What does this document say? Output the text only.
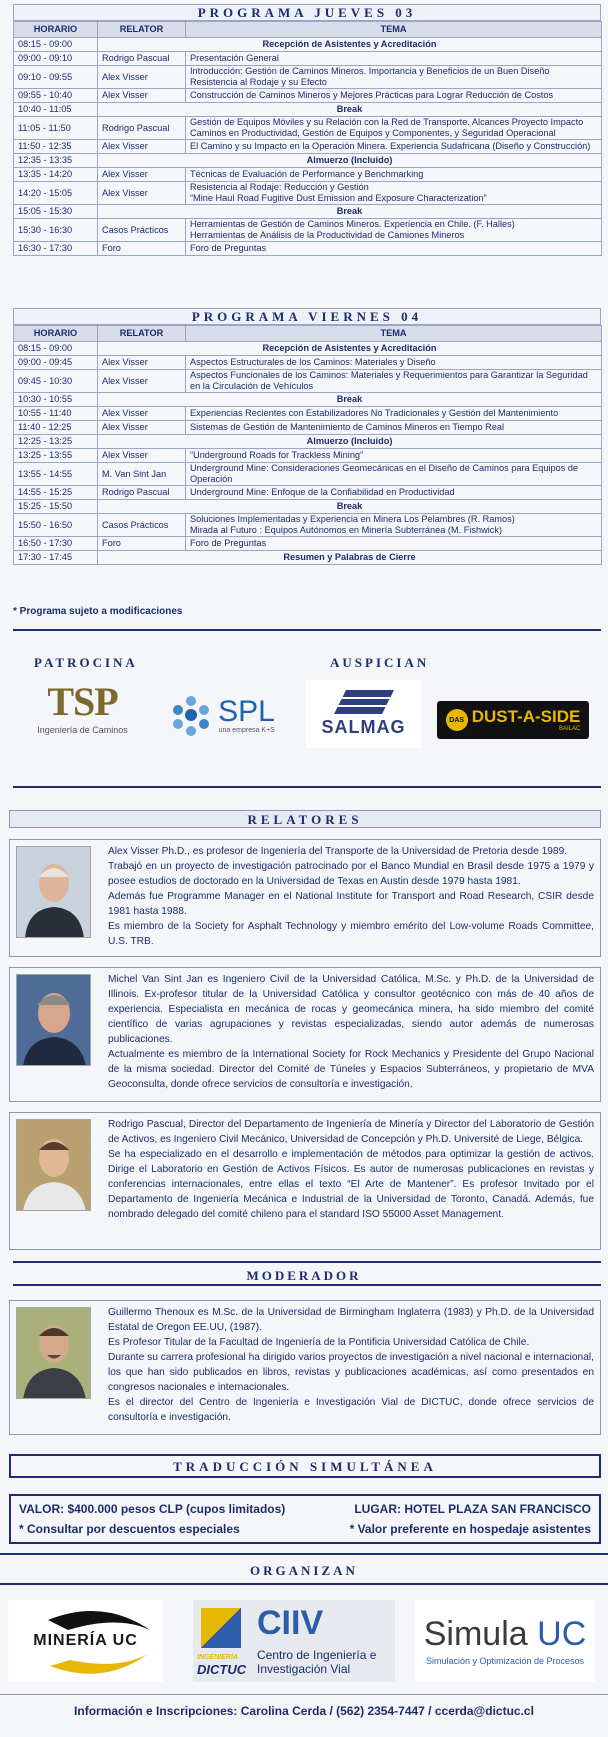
PROGRAMA JUEVES 03
HORARIO	RELATOR	TEMA
08:15 - 09:00	Recepción de Asistentes y Acreditación	
09:00 - 09:10	Rodrigo Pascual	Presentación General
09:10 - 09:55	Alex Visser	Introducción: Gestión de Caminos Mineros. Importancia y Beneficios de un Buen Diseño
Resistencia al Rodaje y su Efecto
09:55 - 10:40	Alex Visser	Construcción de Caminos Mineros y Mejores Prácticas para Lograr Reducción de Costos
10:40 - 11:05	Break	
11:05 - 11:50	Rodrigo Pascual	Gestión de Equipos Móviles y su Relación con la Red de Transporte. Alcances Proyecto Impacto Caminos en Productividad, Gestión de Equipos y Componentes, y Seguridad Operacional
11:50 - 12:35	Alex Visser	El Camino y su Impacto en la Operación Minera. Experiencia Sudafricana (Diseño y Construcción)
12:35 - 13:35	Almuerzo (Incluido)	
13:35 - 14:20	Alex Visser	Técnicas de Evaluación de Performance y Benchmarking
14:20 - 15:05	Alex Visser	Resistencia al Rodaje: Reducción y Gestión
“Mine Haul Road Fugitive Dust Emission and Exposure Characterization”
15:05 - 15:30	Break	
15:30 - 16:30	Casos Prácticos	Herramientas de Gestión de Caminos Mineros. Experiencia en Chile. (F. Halles)
Herramientas de Análisis de la Productividad de Camiones Mineros
16:30 - 17:30	Foro	Foro de Preguntas
PROGRAMA VIERNES 04
HORARIO	RELATOR	TEMA
08:15 - 09:00	Recepción de Asistentes y Acreditación	
09:00 - 09:45	Alex Visser	Aspectos Estructurales de los Caminos: Materiales y Diseño
09:45 - 10:30	Alex Visser	Aspectos Funcionales de los Caminos: Materiales y Requerimientos para Garantizar la Seguridad en la Circulación de Vehículos
10:30 - 10:55	Break	
10:55 - 11:40	Alex Visser	Experiencias Recientes con Estabilizadores No Tradicionales y Gestión del Mantenimiento
11:40 - 12:25	Alex Visser	Sistemas de Gestión de Mantenimiento de Caminos Mineros en Tiempo Real
12:25 - 13:25	Almuerzo (Incluido)	
13:25 - 13:55	Alex Visser	“Underground Roads for Trackless Mining”
13:55 - 14:55	M. Van Sint Jan	Underground Mine: Consideraciones Geomecánicas en el Diseño de Caminos para Equipos de Operación
14:55 - 15:25	Rodrigo Pascual	Underground Mine: Enfoque de la Confiabilidad en Productividad
15:25 - 15:50	Break	
15:50 - 16:50	Casos Prácticos	Soluciones Implementadas y Experiencia en Minera Los Pelambres (R. Ramos)
Mirada al Futuro : Equipos Autónomos en Minería Subterránea (M. Fishwick)
16:50 - 17:30	Foro	Foro de Preguntas
17:30 - 17:45	Resumen y Palabras de Cierre	
* Programa sujeto a modificaciones
PATROCINA	AUSPICIAN
TSP
Ingeniería de Caminos
SPL
una empresa K+S	SALMAG	DAS DUST-A-SIDE
BAILAC
RELATORES

Alex Visser Ph.D., es profesor de Ingeniería del Transporte de la Universidad de Pretoria desde 1989.

Trabajó en un proyecto de investigación patrocinado por el Banco Mundial en Brasil desde 1975 a 1979 y posee estudios de doctorado en la Universidad de Texas en Austin desde 1979 hasta 1981.

Además fue Programme Manager en el National Institute for Transport and Road Research, CSIR desde 1981 hasta 1988.

Es miembro de la Society for Asphalt Technology y miembro emérito del Low-volume Roads Committee, U.S. TRB.

Michel Van Sint Jan es Ingeniero Civil de la Universidad Católica, M.Sc. y Ph.D. de la Universidad de Illinois. Ex-profesor titular de la Universidad Católica y consultor geotécnico con más de 40 años de experiencia. Especialista en mecánica de rocas y geomecánica minera, ha sido miembro del comité científico de varias agrupaciones y revistas especializadas, siendo autor además de numerosas publicaciones.

Actualmente es miembro de la International Society for Rock Mechanics y Presidente del Grupo Nacional de la misma sociedad. Director del Comité de Túneles y Espacios Subterráneos, y propietario de MVA Geoconsulta, donde ofrece servicios de consultoría e investigación.

Rodrigo Pascual, Director del Departamento de Ingeniería de Minería y Director del Laboratorio de Gestión de Activos, es Ingeniero Civil Mecánico, Universidad de Concepción y Ph.D. Université de Liege, Bélgica.

Se ha especializado en el desarrollo e implementación de métodos para optimizar la gestión de activos. Dirige el Laboratorio en Gestión de Activos Físicos. Es autor de numerosas publicaciones en revistas y conferencias internacionales, entre ellas el texto “El Arte de Mantener”. Es profesor Invitado por el Departamento de Ingeniería Mecánica e Industrial de la Universidad de Toronto, Canadá. Además, fue nombrado delegado del comité chileno para el standard ISO 55000 Asset Management.

MODERADOR

Guillermo Thenoux es M.Sc. de la Universidad de Birmingham Inglaterra (1983) y Ph.D. de la Universidad Estatal de Oregon EE.UU, (1987).

Es Profesor Titular de la Facultad de Ingeniería de la Pontificia Universidad Católica de Chile.

Durante su carrera profesional ha dirigido varios proyectos de investigación a nivel nacional e internacional, los que han sido publicados en libros, revistas y publicaciones académicas, así como presentados en congresos nacionales e internacionales.

Es el director del Centro de Ingeniería e Investigación Vial de DICTUC, donde ofrece servicios de consultoría e investigación.

TRADUCCIÓN SIMULTÁNEA
VALOR: $400.000 pesos CLP (cupos limitados)	LUGAR: HOTEL PLAZA SAN FRANCISCO
* Consultar por descuentos especiales	* Valor preferente en hospedaje asistentes
ORGANIZAN
MINERÍA UC
INGENIERÍA
DICTUC
CIIV
Centro de Ingeniería e
Investigación Vial
Simula UC
Simulación y Optimización de Procesos
Información e Inscripciones: Carolina Cerda / (562) 2354-7447 / ccerda@dictuc.cl
